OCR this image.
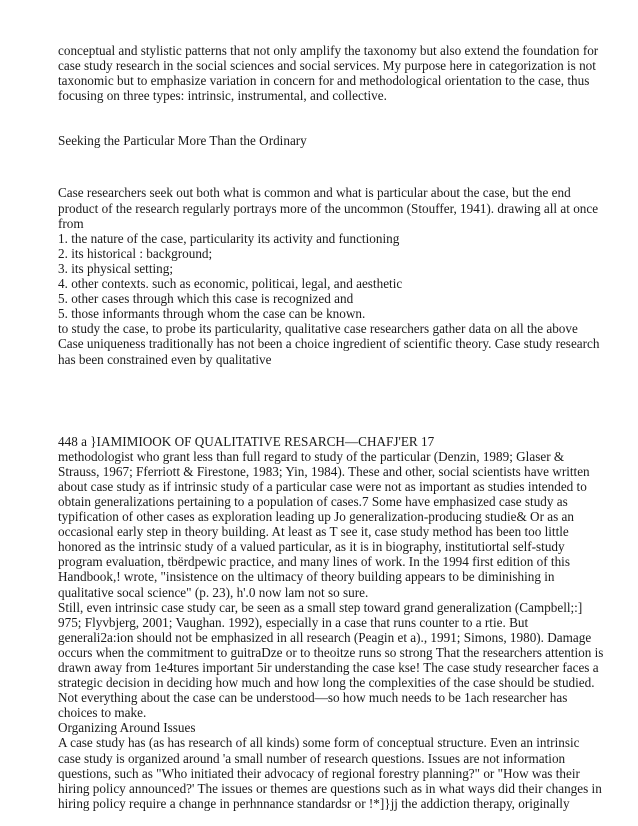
conceptual and stylistic patterns that not only amplify the taxonomy but also extend the foundation for

case study research in the social sciences and social services. My purpose here in categorization is not

taxonomic but to emphasize variation in concern for and methodological orientation to the case, thus

focusing on three types: intrinsic, instrumental, and collective.

Seeking the Particular More Than the Ordinary

Case researchers seek out both what is common and what is particular about the case, but the end

product of the research regularly portrays more of the uncommon (Stouffer, 1941). drawing all at once

from

1. the nature of the case, particularity its activity and functioning

2. its historical : background;

3. its physical setting;

4. other contexts. such as economic, politicai, legal, and aesthetic

5. other cases through which this case is recognized and

5. those informants through whom the case can be known.

to study the case, to probe its particularity, qualitative case researchers gather data on all the above

Case uniqueness traditionally has not been a choice ingredient of scientific theory. Case study research

has been constrained even by qualitative

448 a }IAMIMIOOK OF QUALITATIVE RESARCH—CHAFJ'ER 17

methodologist who grant less than full regard to study of the particular (Denzin, 1989; Glaser &

Strauss, 1967; Fferriott & Firestone, 1983; Yin, 1984). These and other, social scientists have written

about case study as if intrinsic study of a particular case were not as important as studies intended to

obtain generalizations pertaining to a population of cases.7 Some have emphasized case study as

typification of other cases as exploration leading up Jo generalization-producing studie& Or as an

occasional early step in theory building. At least as T see it, case study method has been too little

honored as the intrinsic study of a valued particular, as it is in biography, institutiortal self-study

program evaluation, tbërdpewic practice, and many lines of work. In the 1994 first edition of this

Handbook,! wrote, "insistence on the ultimacy of theory building appears to be diminishing in

qualitative socal science" (p. 23), h'.0 now lam not so sure.

Still, even intrinsic case study car, be seen as a small step toward grand generalization (Campbell;:]

975; Flyvbjerg, 2001; Vaughan. 1992), especially in a case that runs counter to a rtie. But

generali2a:ion should not be emphasized in all research (Peagin et a)., 1991; Simons, 1980). Damage

occurs when the commitment to guitraDze or to theoitze runs so strong That the researchers attention is

drawn away from 1e4tures important 5ir understanding the case kse! The case study researcher faces a

strategic decision in deciding how much and how long the complexities of the case should be studied.

Not everything about the case can be understood—so how much needs to be 1ach researcher has

choices to make.

Organizing Around Issues

A case study has (as has research of all kinds) some form of conceptual structure. Even an intrinsic

case study is organized around 'a small number of research questions. Issues are not information

questions, such as "Who initiated their advocacy of regional forestry planning?" or "How was their

hiring policy announced?' The issues or themes are questions such as in what ways did their changes in

hiring policy require a change in perhnnance standardsr or !*]}jj the addiction therapy, originally
